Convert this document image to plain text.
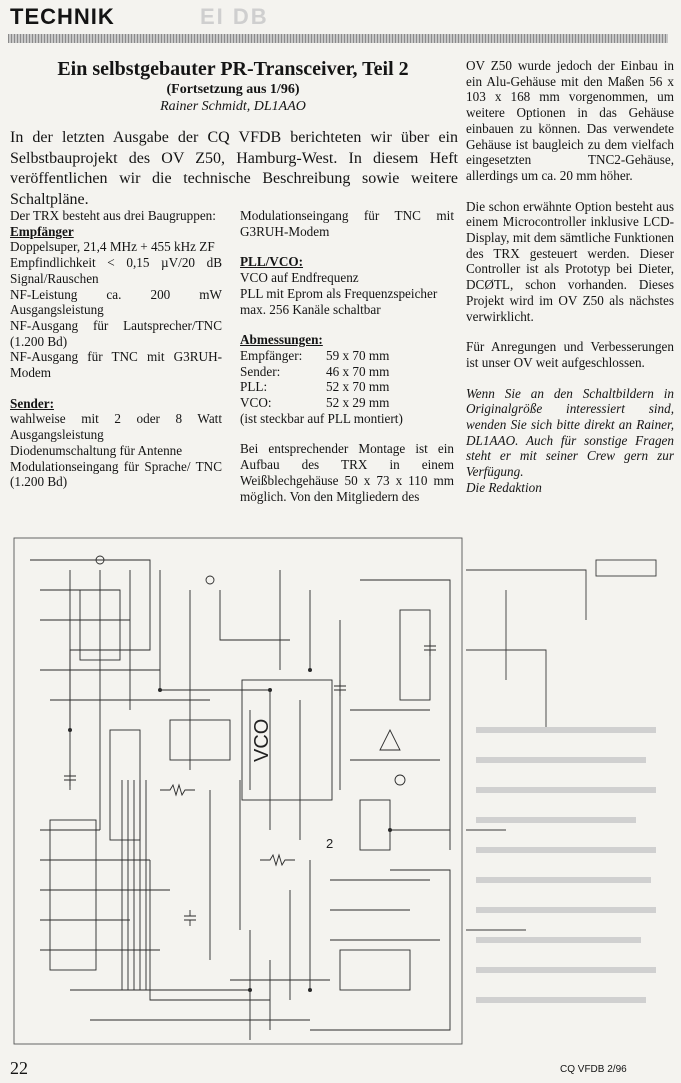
TECHNIK	EI DB
Ein selbstgebauter PR-Transceiver, Teil 2
(Fortsetzung aus 1/96)
Rainer Schmidt, DL1AAO

In der letzten Ausgabe der CQ VFDB berichteten wir über ein Selbstbauprojekt des OV Z50, Hamburg-West. In diesem Heft veröffentlichen wir die technische Beschreibung sowie weitere Schaltpläne.

Der TRX besteht aus drei Baugruppen:

Empfänger

Doppelsuper, 21,4 MHz + 455 kHz ZF

Empfindlichkeit < 0,15 µV/20 dB Signal/Rauschen

NF-Leistung ca. 200 mW Ausgangsleistung

NF-Ausgang für Lautsprecher/TNC (1.200 Bd)

NF-Ausgang für TNC mit G3RUH-Modem

Sender:

wahlweise mit 2 oder 8 Watt Ausgangsleistung

Diodenumschaltung für Antenne

Modulationseingang für Sprache/ TNC (1.200 Bd)

Modulationseingang für TNC mit G3RUH-Modem

PLL/VCO:

VCO auf Endfrequenz

PLL mit Eprom als Frequenzspeicher

max. 256 Kanäle schaltbar

Abmessungen:

Empfänger:	59 x 70 mm
Sender:	46 x 70 mm
PLL:	52 x 70 mm
VCO:	52 x 29 mm

(ist steckbar auf PLL montiert)

Bei entsprechender Montage ist ein Aufbau des TRX in einem Weißblechgehäuse 50 x 73 x 110 mm möglich. Von den Mitgliedern des

OV Z50 wurde jedoch der Einbau in ein Alu-Gehäuse mit den Maßen 56 x 103 x 168 mm vorgenommen, um weitere Optionen in das Gehäuse einbauen zu können. Das verwendete Gehäuse ist baugleich zu dem vielfach eingesetzten TNC2-Gehäuse, allerdings um ca. 20 mm höher.

Die schon erwähnte Option besteht aus einem Microcontroller inklusive LCD-Display, mit dem sämtliche Funktionen des TRX gesteuert werden. Dieser Controller ist als Prototyp bei Dieter, DCØTL, schon vorhanden. Dieses Projekt wird im OV Z50 als nächstes verwirklicht.

Für Anregungen und Verbesserungen ist unser OV weit aufgeschlossen.

Wenn Sie an den Schaltbildern in Originalgröße interessiert sind, wenden Sie sich bitte direkt an Rainer, DL1AAO. Auch für sonstige Fragen steht er mit seiner Crew gern zur Verfügung.

Die Redaktion

VCO
2
22	CQ VFDB 2/96
